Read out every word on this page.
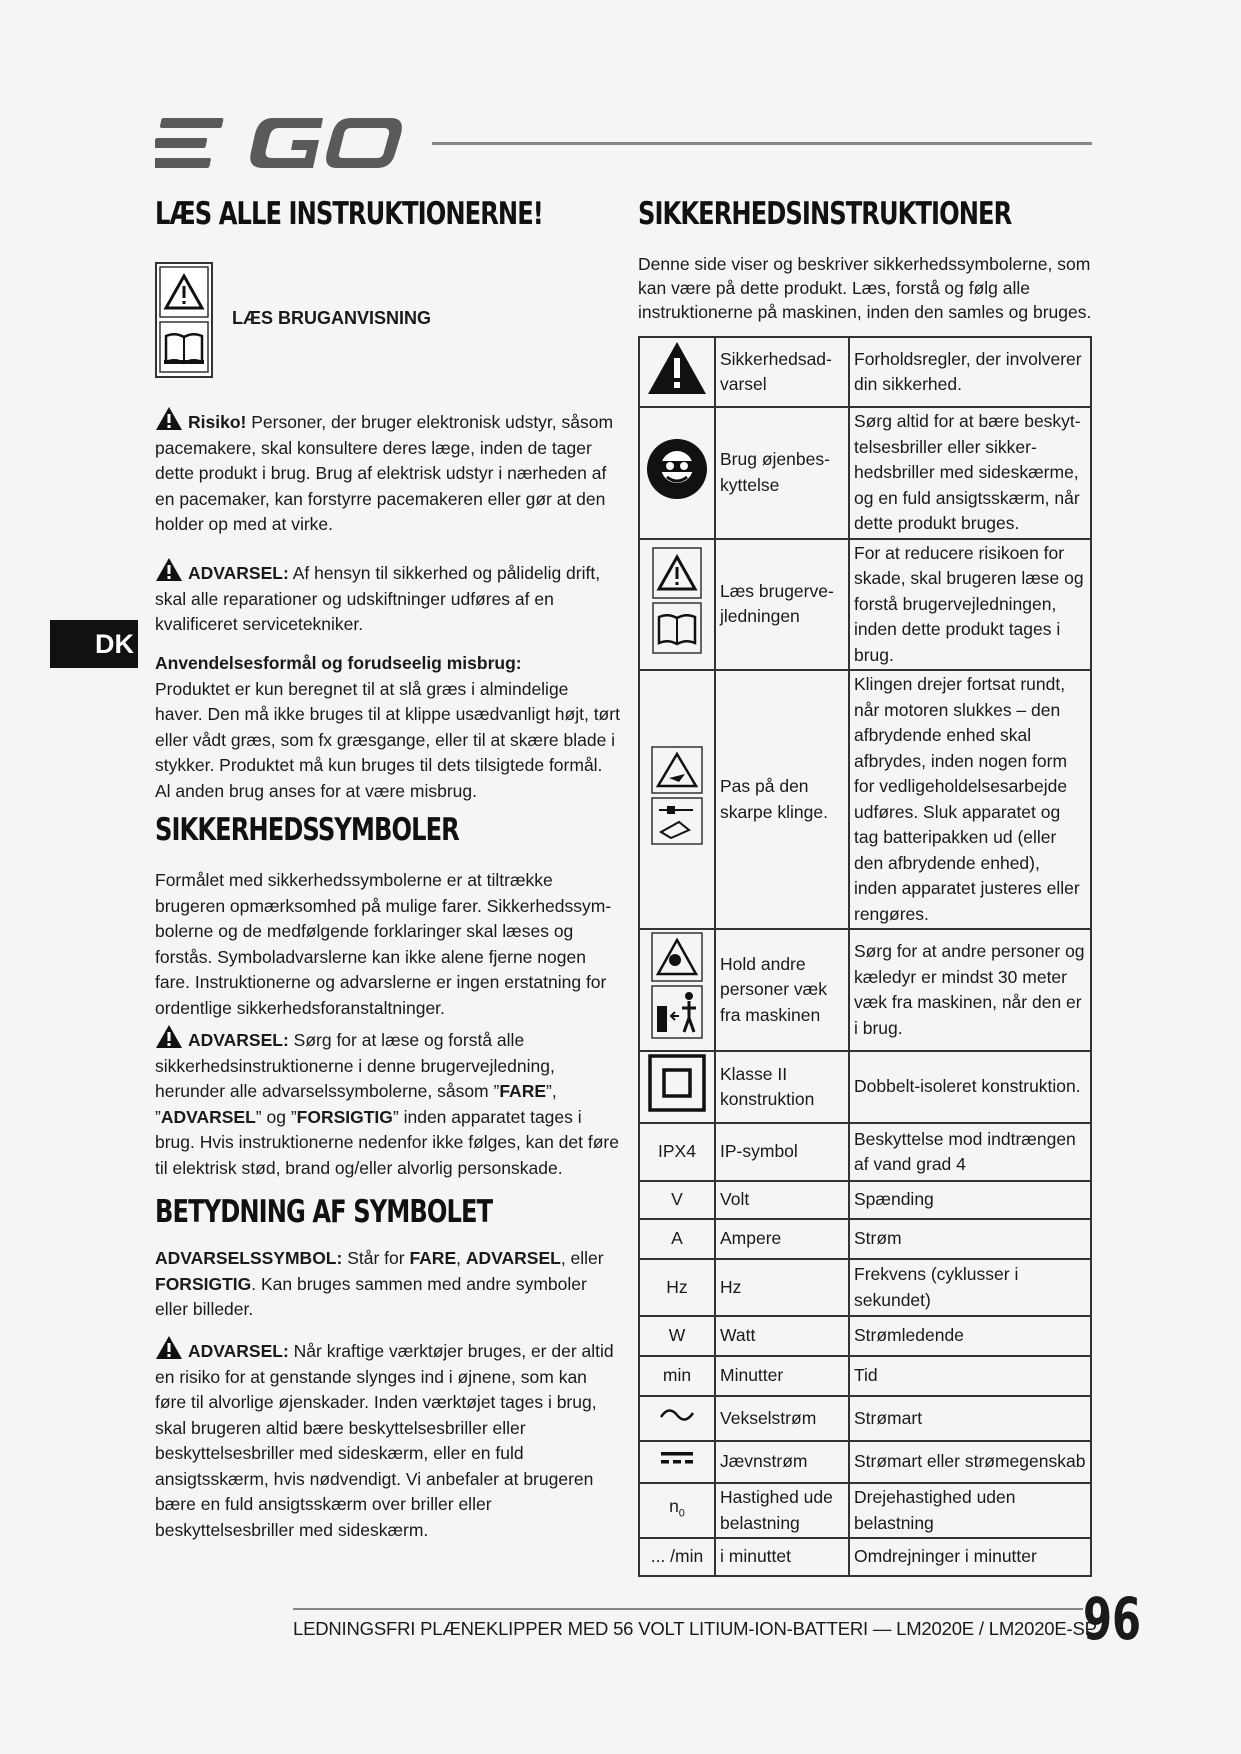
LÆS ALLE INSTRUKTIONERNE!
LÆS BRUGANVISNING

Risiko! Personer, der bruger elektronisk udstyr, såsom pacemakere, skal konsultere deres læge, inden de tager dette produkt i brug. Brug af elektrisk udstyr i nærheden af en pacemaker, kan forstyrre pacemakeren eller gør at den holder op med at virke.

ADVARSEL: Af hensyn til sikkerhed og pålidelig drift, skal alle reparationer og udskiftninger udføres af en kvalificeret servicetekniker.

DK

Anvendelsesformål og forudseelig misbrug:

Produktet er kun beregnet til at slå græs i almindelige haver. Den må ikke bruges til at klippe usædvanligt højt, tørt eller vådt græs, som fx græsgange, eller til at skære blade i stykker. Produktet må kun bruges til dets tilsigtede formål. Al anden brug anses for at være misbrug.

SIKKERHEDSSYMBOLER

Formålet med sikkerhedssymbolerne er at tiltrække brugeren opmærksomhed på mulige farer. Sikkerhedssym-bolerne og de medfølgende forklaringer skal læses og forstås. Symboladvarslerne kan ikke alene fjerne nogen fare. Instruktionerne og advarslerne er ingen erstatning for ordentlige sikkerhedsforanstaltninger.

ADVARSEL: Sørg for at læse og forstå alle sikkerhedsinstruktionerne i denne brugervejledning, herunder alle advarselssymbolerne, såsom ”FARE”, ”ADVARSEL” og ”FORSIGTIG” inden apparatet tages i brug. Hvis instruktionerne nedenfor ikke følges, kan det føre til elektrisk stød, brand og/eller alvorlig personskade.

BETYDNING AF SYMBOLET

ADVARSELSSYMBOL: Står for FARE, ADVARSEL, eller FORSIGTIG. Kan bruges sammen med andre symboler eller billeder.

ADVARSEL: Når kraftige værktøjer bruges, er der altid en risiko for at genstande slynges ind i øjnene, som kan føre til alvorlige øjenskader. Inden værktøjet tages i brug, skal brugeren altid bære beskyttelsesbriller eller beskyttelsesbriller med sideskærm, eller en fuld ansigtsskærm, hvis nødvendigt. Vi anbefaler at brugeren bære en fuld ansigtsskærm over briller eller beskyttelsesbriller med sideskærm.

SIKKERHEDSINSTRUKTIONER
Denne side viser og beskriver sikkerhedssymbolerne, som kan være på dette produkt. Læs, forstå og følg alle instruktionerne på maskinen, inden den samles og bruges.
	Sikkerhedsad-varsel	Forholdsregler, der involverer din sikkerhed.
	Brug øjenbes-kyttelse	Sørg altid for at bære beskyt-telsesbriller eller sikker-hedsbriller med sideskærme, og en fuld ansigtsskærm, når dette produkt bruges.
	Læs brugerve-jledningen	For at reducere risikoen for skade, skal brugeren læse og forstå brugervejledningen, inden dette produkt tages i brug.
	Pas på den skarpe klinge.	Klingen drejer fortsat rundt, når motoren slukkes – den afbrydende enhed skal afbrydes, inden nogen form for vedligeholdelsesarbejde udføres. Sluk apparatet og tag batteripakken ud (eller den afbrydende enhed), inden apparatet justeres eller rengøres.
	Hold andre personer væk fra maskinen	Sørg for at andre personer og kæledyr er mindst 30 meter væk fra maskinen, når den er i brug.
	Klasse II konstruktion	Dobbelt-isoleret konstruktion.
IPX4	IP-symbol	Beskyttelse mod indtrængen af vand grad 4
V	Volt	Spænding
A	Ampere	Strøm
Hz	Hz	Frekvens (cyklusser i sekundet)
W	Watt	Strømledende
min	Minutter	Tid
	Vekselstrøm	Strømart
	Jævnstrøm	Strømart eller strømegenskab
$n_0$	Hastighed ude belastning	Drejehastighed uden belastning
... /min	i minuttet	Omdrejninger i minutter
LEDNINGSFRI PLÆNEKLIPPER MED 56 VOLT LITIUM-ION-BATTERI — LM2020E / LM2020E-SP
96
